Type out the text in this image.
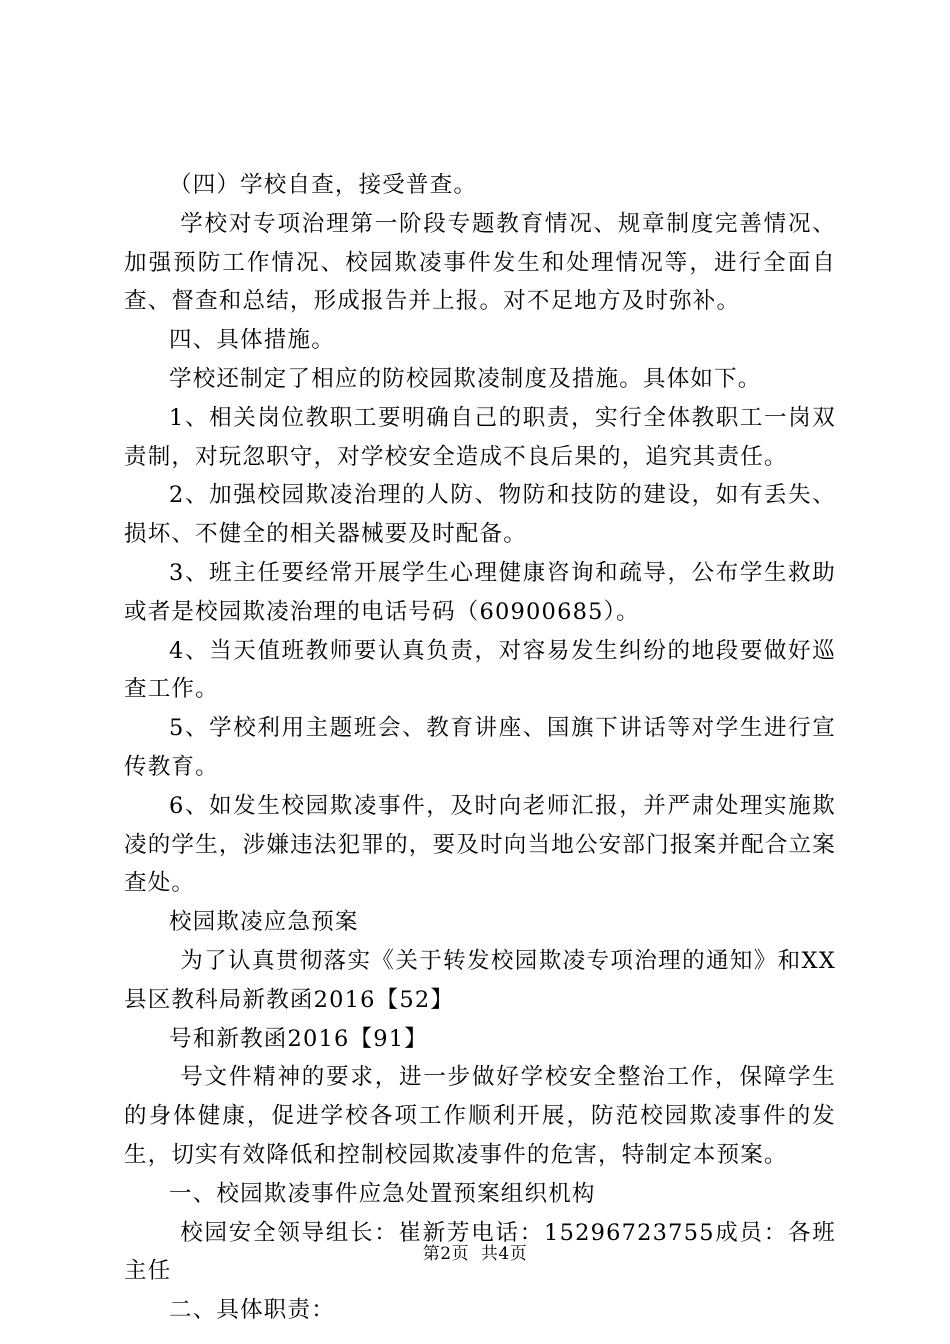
（四）学校自查，接受普查。

学校对专项治理第一阶段专题教育情况、规章制度完善情况、加强预防工作情况、校园欺凌事件发生和处理情况等，进行全面自查、督查和总结，形成报告并上报。对不足地方及时弥补。

四、具体措施。

学校还制定了相应的防校园欺凌制度及措施。具体如下。

1、相关岗位教职工要明确自己的职责，实行全体教职工一岗双责制，对玩忽职守，对学校安全造成不良后果的，追究其责任。

2、加强校园欺凌治理的人防、物防和技防的建设，如有丢失、损坏、不健全的相关器械要及时配备。

3、班主任要经常开展学生心理健康咨询和疏导，公布学生救助或者是校园欺凌治理的电话号码（60900685）。

4、当天值班教师要认真负责，对容易发生纠纷的地段要做好巡查工作。

5、学校利用主题班会、教育讲座、国旗下讲话等对学生进行宣传教育。

6、如发生校园欺凌事件，及时向老师汇报，并严肃处理实施欺凌的学生，涉嫌违法犯罪的，要及时向当地公安部门报案并配合立案查处。

校园欺凌应急预案

为了认真贯彻落实《关于转发校园欺凌专项治理的通知》和XX县区教科局新教函2016【52】

号和新教函2016【91】

号文件精神的要求，进一步做好学校安全整治工作，保障学生的身体健康，促进学校各项工作顺利开展，防范校园欺凌事件的发生，切实有效降低和控制校园欺凌事件的危害，特制定本预案。

一、校园欺凌事件应急处置预案组织机构

校园安全领导组长：崔新芳电话：15296723755成员：各班主任

二、具体职责：

第2页  共4页
